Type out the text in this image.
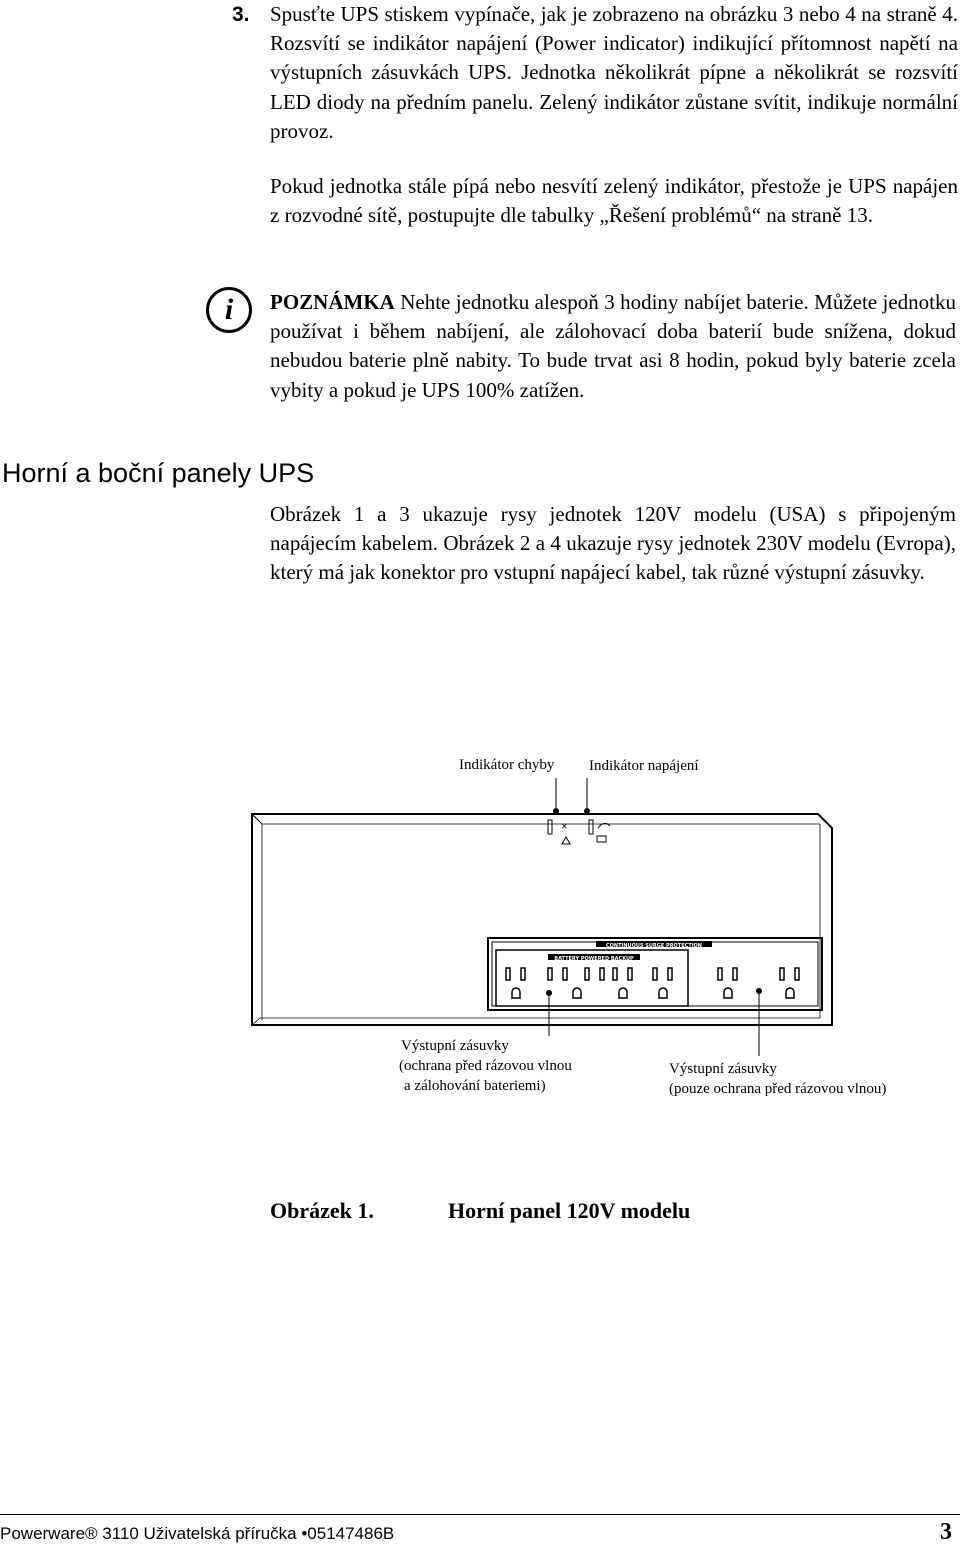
3. Spusťte UPS stiskem vypínače, jak je zobrazeno na obrázku 3 nebo 4 na straně 4. Rozsvítí se indikátor napájení (Power indicator) indikující přítomnost napětí na výstupních zásuvkách UPS. Jednotka několikrát pípne a několikrát se rozsvítí LED diody na předním panelu. Zelený indikátor zůstane svítit, indikuje normální provoz.

Pokud jednotka stále pípá nebo nesvítí zelený indikátor, přestože je UPS napájen z rozvodné sítě, postupujte dle tabulky „Řešení problémů“ na straně 13.

i	POZNÁMKA Nehte jednotku alespoň 3 hodiny nabíjet baterie. Můžete jednotku používat i během nabíjení, ale zálohovací doba baterií bude snížena, dokud nebudou baterie plně nabity. To bude trvat asi 8 hodin, pokud byly baterie zcela vybity a pokud je UPS 100% zatížen.

Horní a boční panely UPS

Obrázek 1 a 3 ukazuje rysy jednotek 120V modelu (USA) s připojeným napájecím kabelem. Obrázek 2 a 4 ukazuje rysy jednotek 230V modelu (Evropa), který má jak konektor pro vstupní napájecí kabel, tak různé výstupní zásuvky.

Indikátor chyby Indikátor napájení
✕
CONTINUOUS SURGE PROTECTION
BATTERY POWERED BACKUP
Výstupní zásuvky
(ochrana před rázovou vlnou
a zálohování bateriemi)
Výstupní zásuvky
(pouze ochrana před rázovou vlnou)
Obrázek 1.	Horní panel 120V modelu
Powerware® 3110 Uživatelská příručka •05147486B	3
